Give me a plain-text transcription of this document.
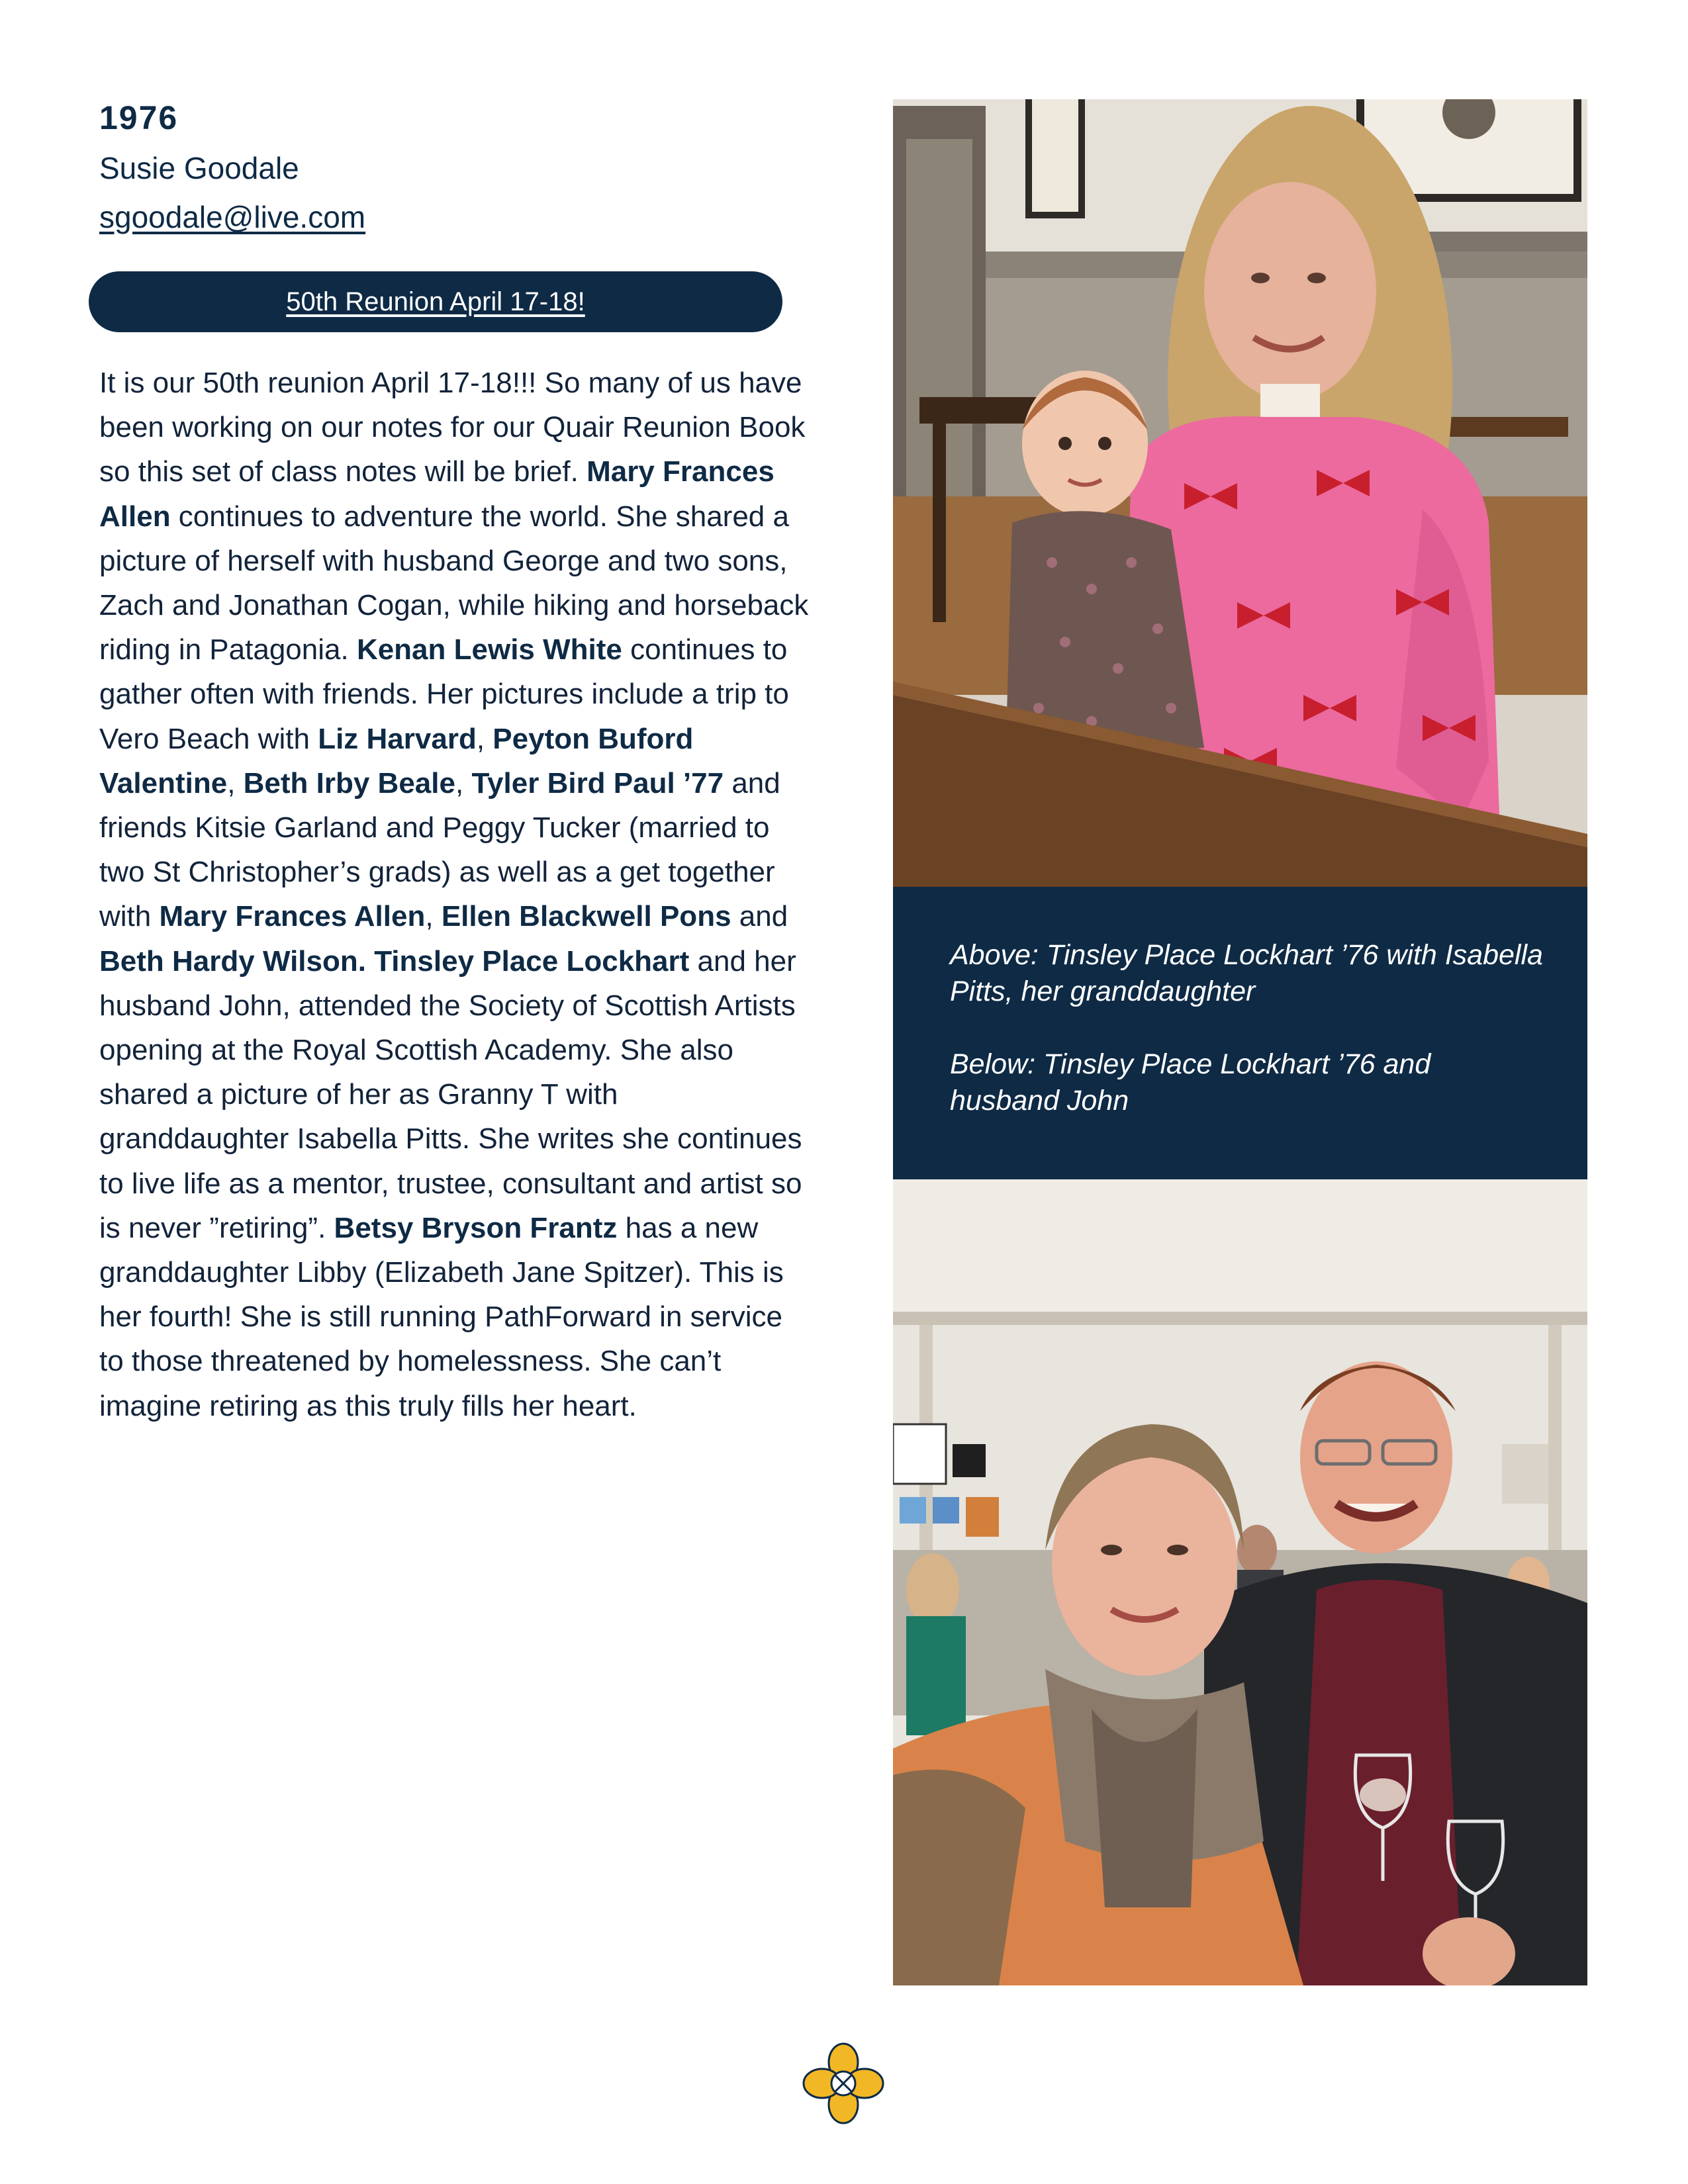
1976
Susie Goodale
sgoodale@live.com
50th Reunion April 17-18!

It is our 50th reunion April 17-18!!! So many of us have been working on our notes for our Quair Reunion Book so this set of class notes will be brief. Mary Frances Allen continues to adventure the world. She shared a picture of herself with husband George and two sons, Zach and Jonathan Cogan, while hiking and horseback riding in Patagonia. Kenan Lewis White continues to gather often with friends. Her pictures include a trip to Vero Beach with Liz Harvard, Peyton Buford Valentine, Beth Irby Beale, Tyler Bird Paul ’77 and friends Kitsie Garland and Peggy Tucker (married to two St Christopher’s grads) as well as a get together with Mary Frances Allen, Ellen Blackwell Pons and Beth Hardy Wilson. Tinsley Place Lockhart and her husband John, attended the Society of Scottish Artists opening at the Royal Scottish Academy. She also shared a picture of her as Granny T with granddaughter Isabella Pitts. She writes she continues to live life as a mentor, trustee, consultant and artist so is never ”retiring”. Betsy Bryson Frantz has a new granddaughter Libby (Elizabeth Jane Spitzer). This is her fourth! She is still running PathForward in service to those threatened by homelessness. She can’t imagine retiring as this truly fills her heart.

Above: Tinsley Place Lockhart ’76 with Isabella Pitts, her granddaughter

Below: Tinsley Place Lockhart ’76 and husband John
